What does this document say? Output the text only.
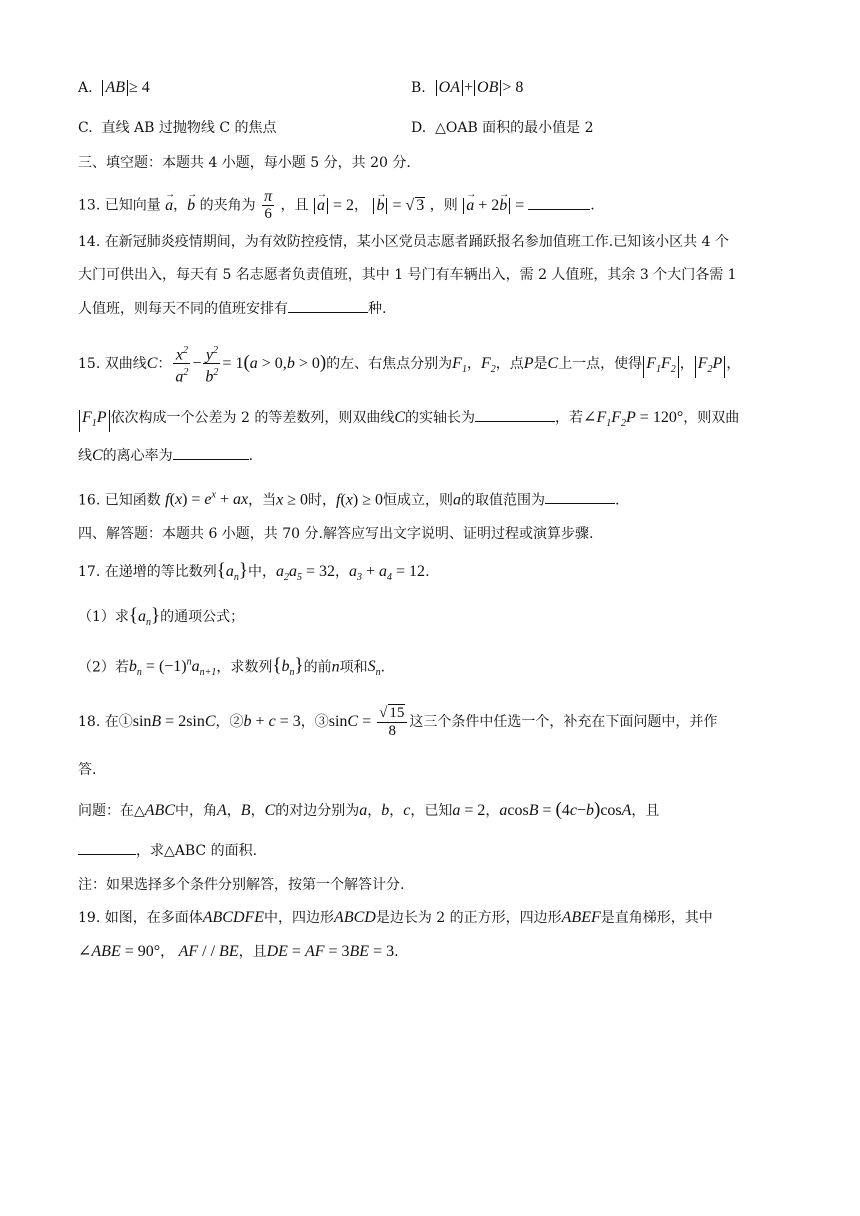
A. AB ≥ 4	B. OA + OB > 8
C. 直线 AB 过抛物线 C 的焦点	D. △OAB 面积的最小值是 2
三、填空题：本题共 4 小题，每小题 5 分，共 20 分.
13. 已知向量 → a，→ b 的夹角为 $\frac{\pi}{6}$ ，且 → a = 2， → b = √ 3 ，则 → a + 2→ b =	.
14. 在新冠肺炎疫情期间，为有效防控疫情，某小区党员志愿者踊跃报名参加值班工作.已知该小区共 4 个
大门可供出入，每天有 5 名志愿者负责值班，其中 1 号门有车辆出入，需 2 人值班，其余 3 个大门各需 1
人值班，则每天不同的值班安排有	种.
15. 双曲线C： $\frac{x^2}{a^2} - \frac{y^2}{b^2} = 1(a > 0,b > 0)$的左、右焦点分别为$F_1$，$F_2$，点P是C上一点，使得 $F_1F_2$ ， $F_2P$ ，
$F_1P$ 依次构成一个公差为 2 的等差数列，则双曲线C的实轴长为	，若$\angle F_1F_2P = 120^\circ$，则双曲
线C的离心率为	.
16. 已知函数 $f(x) = e^x$ + ax，当x ≥ 0时，f(x) ≥ 0恒成立，则a的取值范围为	.
四、解答题：本题共 6 小题，共 70 分.解答应写出文字说明、证明过程或演算步骤.
17. 在递增的等比数列$\{a_n\}$中，$a_2a_5 = 32$，$a_3 + a_4 = 12$.
（1）求$\{a_n\}$的通项公式；
（2）若$b_n = (-1)^na_{n+1}$，求数列$\{b_n\}$的前n项和$S_n$.
18. 在①sinB = 2sinC，②b + c = 3，③sinC = $\frac{√ 15}{8}$ 这三个条件中任选一个，补充在下面问题中，并作
答.
问题：在△ABC中，角A，B，C的对边分别为a，b，c，已知a = 2，acosB = (4c−b)cosA，且
，求△ABC 的面积.
注：如果选择多个条件分别解答，按第一个解答计分.
19. 如图，在多面体ABCDFE中，四边形ABCD是边长为 2 的正方形，四边形ABEF是直角梯形，其中
∠ABE = 90°， AF / / BE，且DE = AF = 3BE = 3.
